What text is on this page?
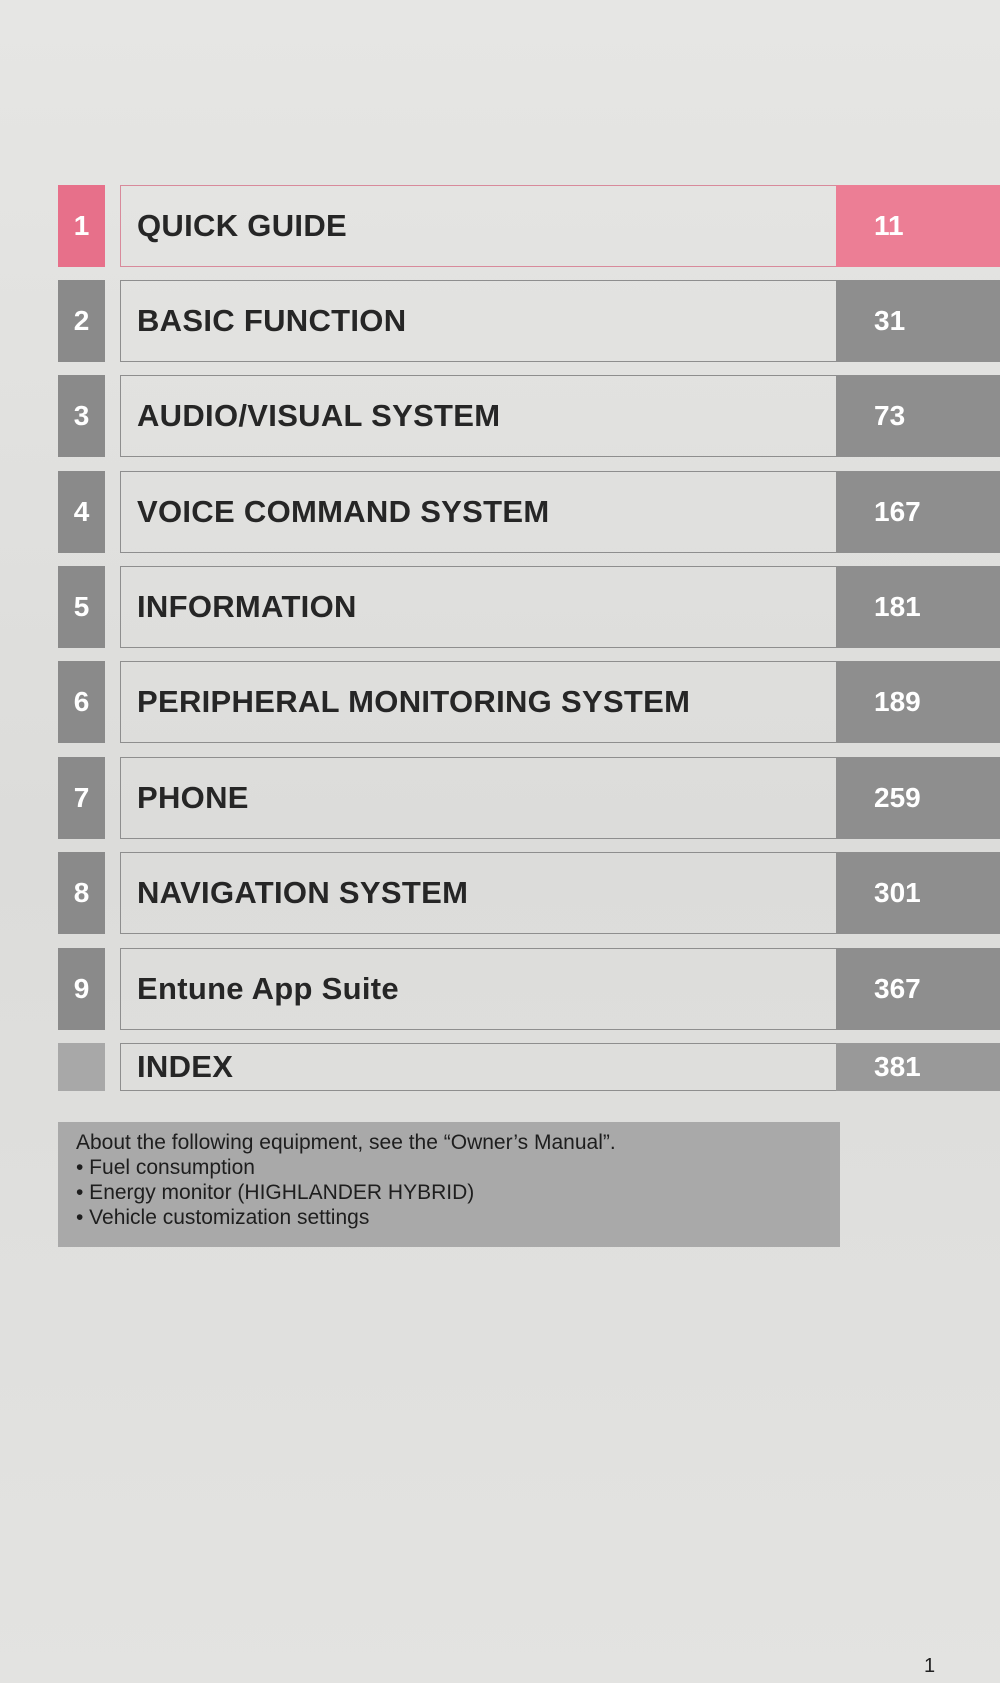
1	QUICK GUIDE	11
2	BASIC FUNCTION	31
3	AUDIO/VISUAL SYSTEM	73
4	VOICE COMMAND SYSTEM	167
5	INFORMATION	181
6	PERIPHERAL MONITORING SYSTEM	189
7	PHONE	259
8	NAVIGATION SYSTEM	301
9	Entune App Suite	367
INDEX	381
About the following equipment, see the “Owner’s Manual”.
• Fuel consumption
• Energy monitor (HIGHLANDER HYBRID)
• Vehicle customization settings
1
